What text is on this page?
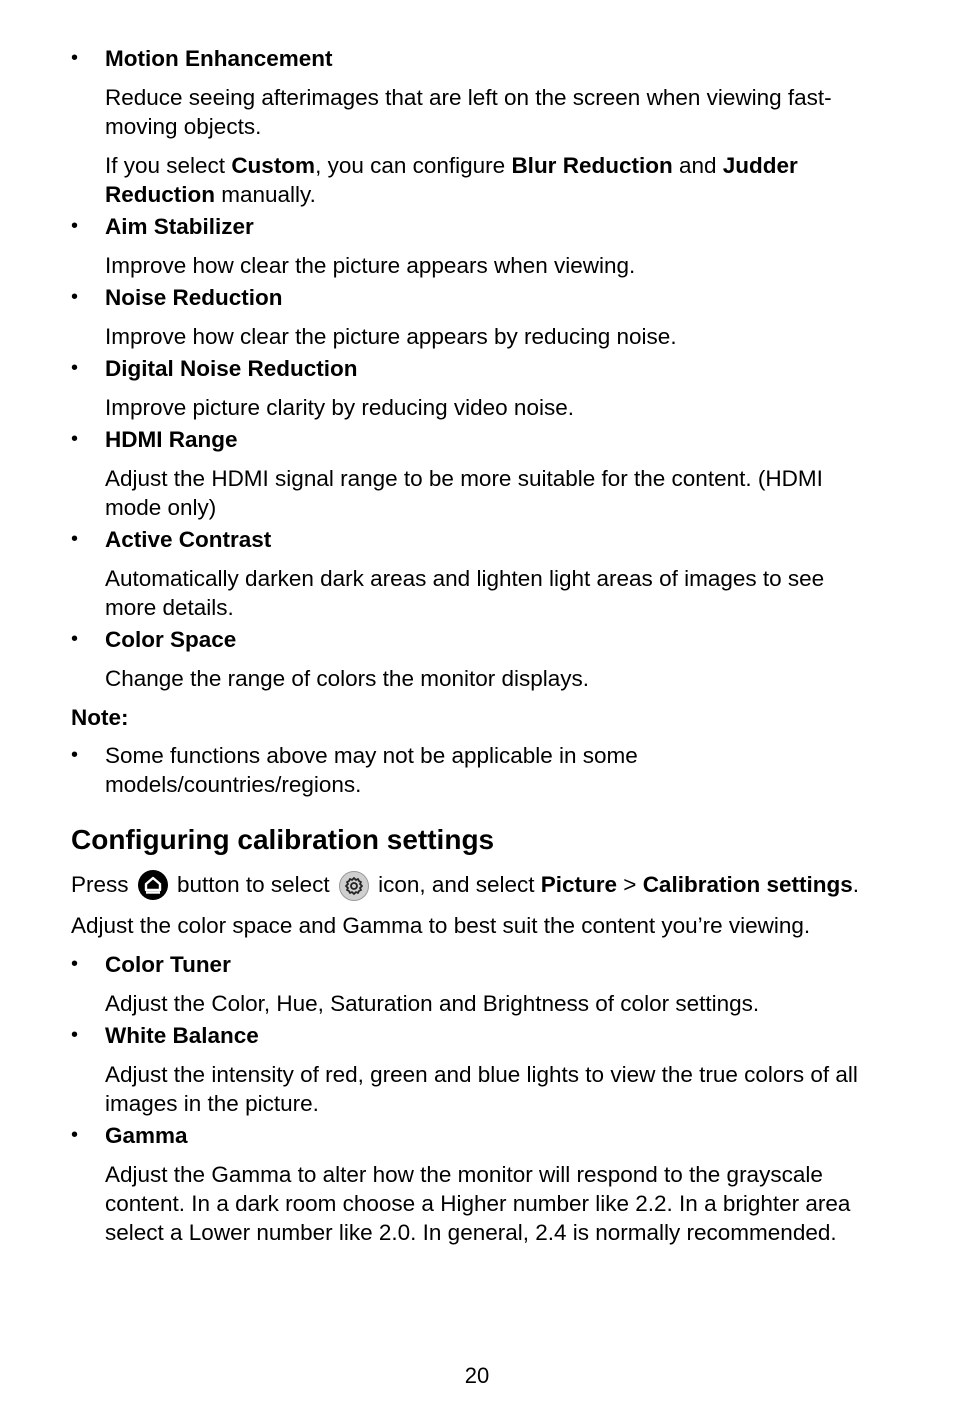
•	Motion Enhancement

Reduce seeing afterimages that are left on the screen when viewing fast-moving objects.

If you select Custom, you can configure Blur Reduction and Judder Reduction manually.

•	Aim Stabilizer

Improve how clear the picture appears when viewing.

•	Noise Reduction

Improve how clear the picture appears by reducing noise.

•	Digital Noise Reduction

Improve picture clarity by reducing video noise.

•	HDMI Range

Adjust the HDMI signal range to be more suitable for the content. (HDMI mode only)

•	Active Contrast

Automatically darken dark areas and lighten light areas of images to see more details.

•	Color Space

Change the range of colors the monitor displays.

Note:

•	Some functions above may not be applicable in some models/countries/regions.
Configuring calibration settings

Press  button to select  icon, and select Picture > Calibration settings.

Adjust the color space and Gamma to best suit the content you’re viewing.

•	Color Tuner

Adjust the Color, Hue, Saturation and Brightness of color settings.

•	White Balance

Adjust the intensity of red, green and blue lights to view the true colors of all images in the picture.

•	Gamma

Adjust the Gamma to alter how the monitor will respond to the grayscale content. In a dark room choose a Higher number like 2.2. In a brighter area select a Lower number like 2.0. In general, 2.4 is normally recommended.

20
